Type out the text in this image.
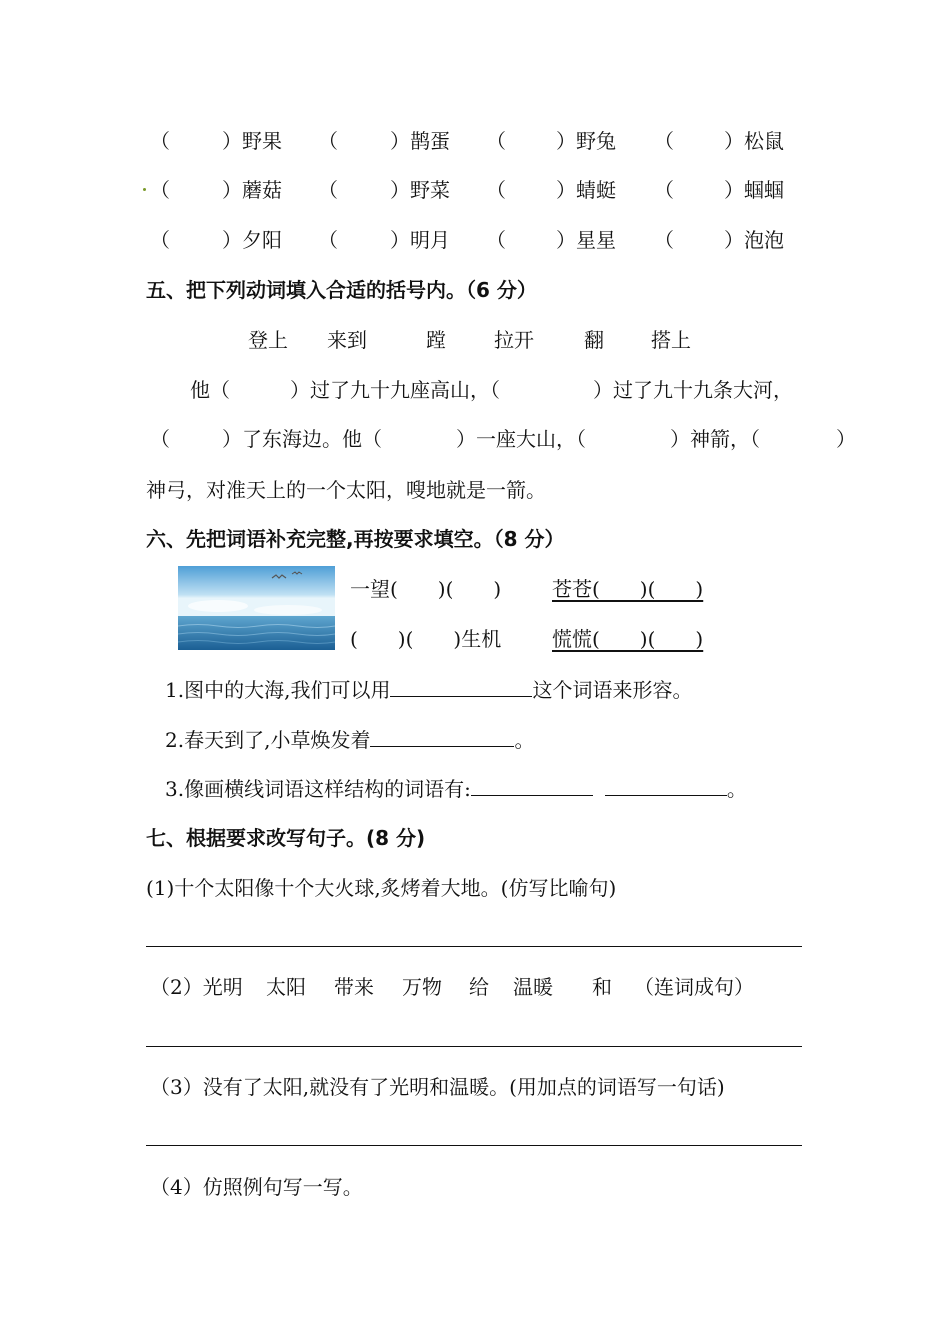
（	）野果 （	）鹊蛋 （	）野兔 （	）松鼠
（	）蘑菇 （	）野菜 （	）蜻蜓 （	）蝈蝈
（	）夕阳 （	）明月 （	）星星 （	）泡泡
五、把下列动词填入合适的括号内。（6 分）
登上 来到	蹚 拉开	翻 搭上
他（	）过了九十九座高山，（	）过了九十九条大河，
（	）了东海边。他（	）一座大山，（	）神箭，（	）
神弓，对准天上的一个太阳，嗖地就是一箭。
六、先把词语补充完整,再按要求填空。（8 分）
一望(　　)(　　)	苍苍(　　)(　　)
(　　)(　　)生机	慌慌(　　)(　　)
1.图中的大海,我们可以用	这个词语来形容。
2.春天到了,小草焕发着	。
3.像画横线词语这样结构的词语有:	。
七、根据要求改写句子。(8 分)
(1)十个太阳像十个大火球,炙烤着大地。(仿写比喻句)
（2）光明 太阳 带来 万物 给 温暖 和 （连词成句）
（3）没有了太阳,就没有了光明和温暖。(用加点的词语写一句话)
（4）仿照例句写一写。
